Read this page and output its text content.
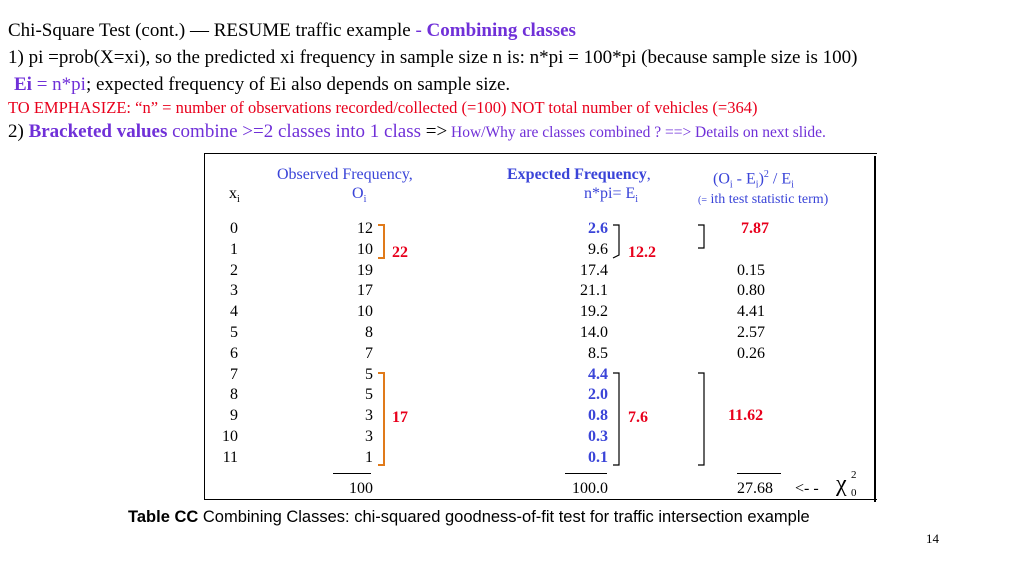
Chi-Square Test (cont.) — RESUME traffic example - Combining classes
1) pi =prob(X=xi), so the predicted xi frequency in sample size n is: n*pi = 100*pi (because sample size is 100)
Ei = n*pi; expected frequency of Ei also depends on sample size.
TO EMPHASIZE: “n” = number of observations recorded/collected (=100) NOT total number of vehicles (=364)
2) Bracketed values combine >=2 classes into 1 class => How/Why are classes combined ? ==> Details on next slide.
$x_i$
Observed Frequency,
$O_i$
Expected Frequency,
$n*pi= E_i$
$(O_i - E_i)^2 / E_i$
(= ith test statistic term)
0	12	2.6	7.87
1	10	9.6
2	19	17.4	0.15
3	17	21.1	0.80
4	10	19.2	4.41
5	8	14.0	2.57
6	7	8.5	0.26
7	5	4.4
8	5	2.0
9	3	0.8	11.62
10	3	0.3
11	1	0.1
22	12.2
17	7.6
100	100.0	27.68 <- - χ 2
0
Table CC Combining Classes: chi-squared goodness-of-fit test for traffic intersection example
14
